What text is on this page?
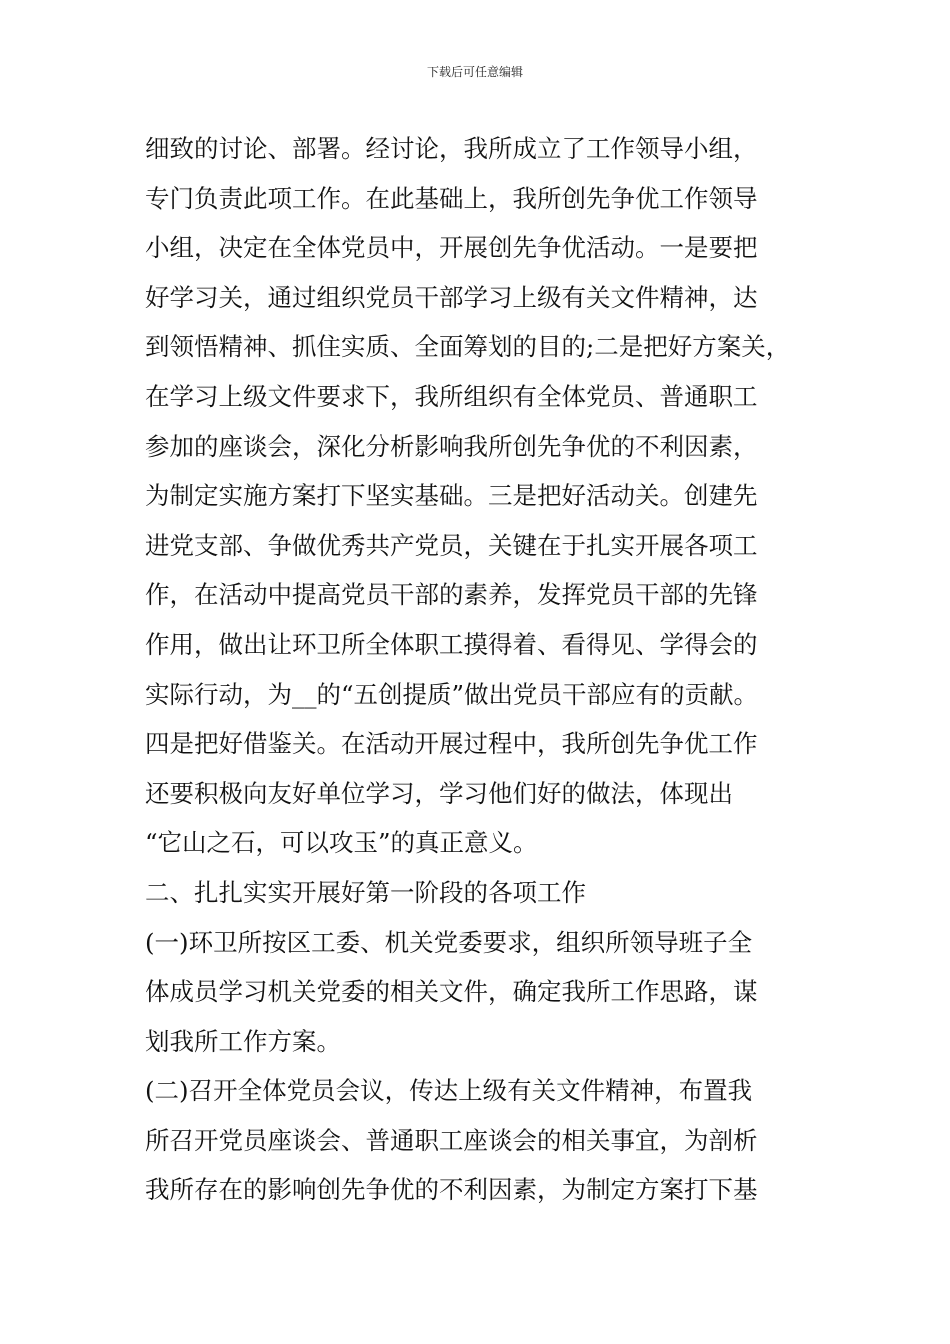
下载后可任意编辑
细致的讨论、部署。经讨论，我所成立了工作领导小组，
专门负责此项工作。在此基础上，我所创先争优工作领导
小组，决定在全体党员中，开展创先争优活动。一是要把
好学习关，通过组织党员干部学习上级有关文件精神，达
到领悟精神、抓住实质、全面筹划的目的;二是把好方案关，
在学习上级文件要求下，我所组织有全体党员、普通职工
参加的座谈会，深化分析影响我所创先争优的不利因素，
为制定实施方案打下坚实基础。三是把好活动关。创建先
进党支部、争做优秀共产党员，关键在于扎实开展各项工
作，在活动中提高党员干部的素养，发挥党员干部的先锋
作用，做出让环卫所全体职工摸得着、看得见、学得会的
实际行动，为__的“五创提质”做出党员干部应有的贡献。
四是把好借鉴关。在活动开展过程中，我所创先争优工作
还要积极向友好单位学习，学习他们好的做法，体现出
“它山之石，可以攻玉”的真正意义。
二、扎扎实实开展好第一阶段的各项工作
(一)环卫所按区工委、机关党委要求，组织所领导班子全
体成员学习机关党委的相关文件，确定我所工作思路，谋
划我所工作方案。
(二)召开全体党员会议，传达上级有关文件精神，布置我
所召开党员座谈会、普通职工座谈会的相关事宜，为剖析
我所存在的影响创先争优的不利因素，为制定方案打下基
